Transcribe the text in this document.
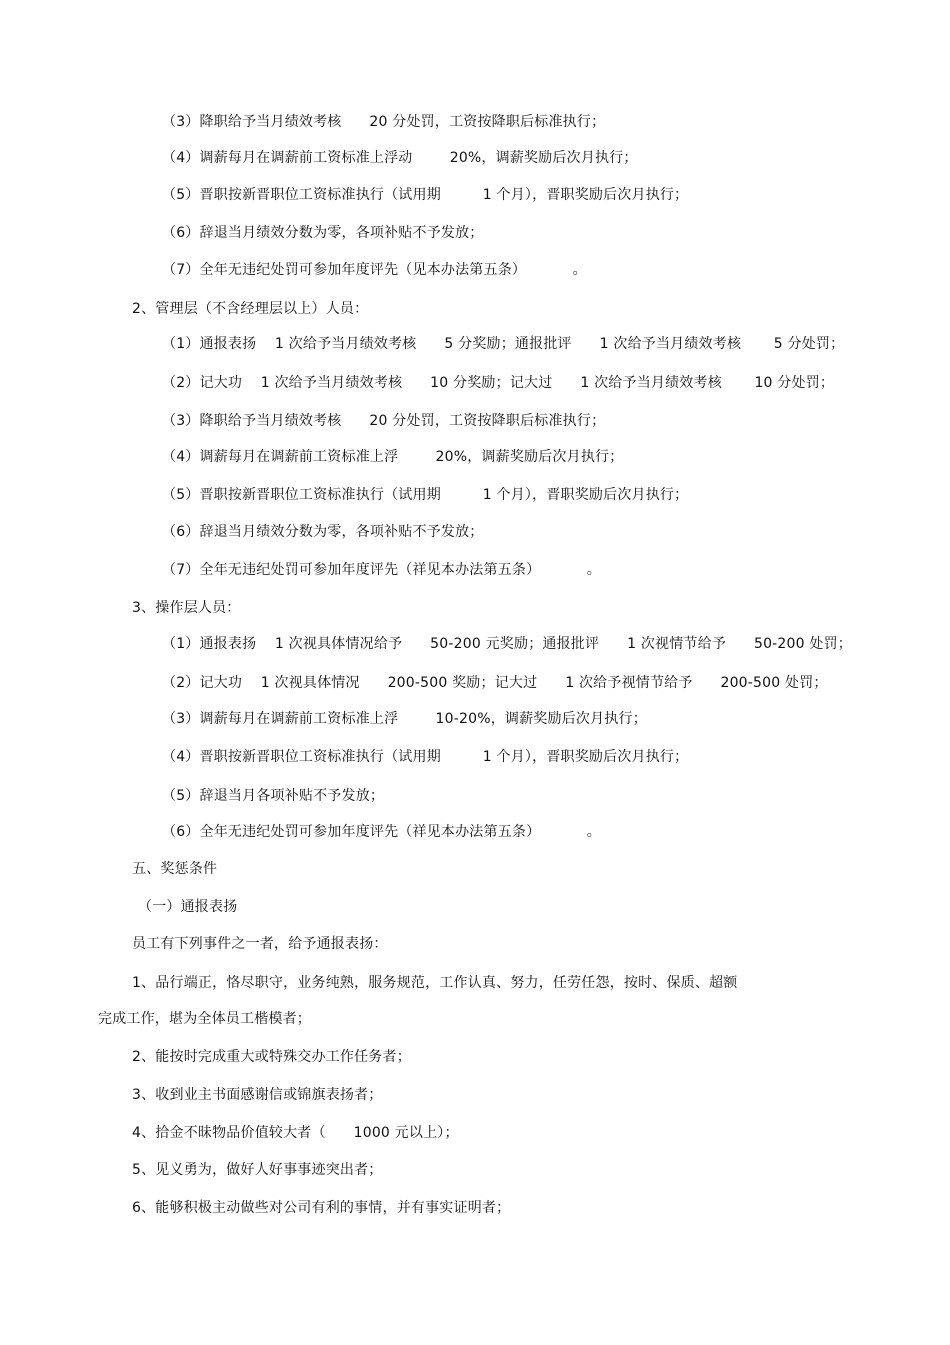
（3）降职给予当月绩效考核      20 分处罚，工资按降职后标准执行；
（4）调薪每月在调薪前工资标准上浮动        20%，调薪奖励后次月执行；
（5）晋职按新晋职位工资标准执行（试用期         1 个月），晋职奖励后次月执行；
（6）辞退当月绩效分数为零，各项补贴不予发放；
（7）全年无违纪处罚可参加年度评先（见本办法第五条）          。
2、管理层（不含经理层以上）人员：
（1）通报表扬    1 次给予当月绩效考核      5 分奖励；通报批评      1 次给予当月绩效考核       5 分处罚；
（2）记大功    1 次给予当月绩效考核      10 分奖励；记大过      1 次给予当月绩效考核       10 分处罚；
（3）降职给予当月绩效考核      20 分处罚，工资按降职后标准执行；
（4）调薪每月在调薪前工资标准上浮        20%，调薪奖励后次月执行；
（5）晋职按新晋职位工资标准执行（试用期         1 个月），晋职奖励后次月执行；
（6）辞退当月绩效分数为零，各项补贴不予发放；
（7）全年无违纪处罚可参加年度评先（祥见本办法第五条）          。
3、操作层人员：
（1）通报表扬    1 次视具体情况给予      50-200 元奖励；通报批评      1 次视情节给予      50-200 处罚；
（2）记大功    1 次视具体情况      200-500 奖励；记大过      1 次给予视情节给予      200-500 处罚；
（3）调薪每月在调薪前工资标准上浮        10-20%，调薪奖励后次月执行；
（4）晋职按新晋职位工资标准执行（试用期         1 个月），晋职奖励后次月执行；
（5）辞退当月各项补贴不予发放；
（6）全年无违纪处罚可参加年度评先（祥见本办法第五条）          。
五、奖惩条件
（一）通报表扬
员工有下列事件之一者，给予通报表扬：
1、品行端正，恪尽职守，业务纯熟，服务规范，工作认真、努力，任劳任怨，按时、保质、超额
完成工作，堪为全体员工楷模者；
2、能按时完成重大或特殊交办工作任务者；
3、收到业主书面感谢信或锦旗表扬者；
4、拾金不昧物品价值较大者（      1000 元以上）；
5、见义勇为，做好人好事事迹突出者；
6、能够积极主动做些对公司有利的事情，并有事实证明者；
